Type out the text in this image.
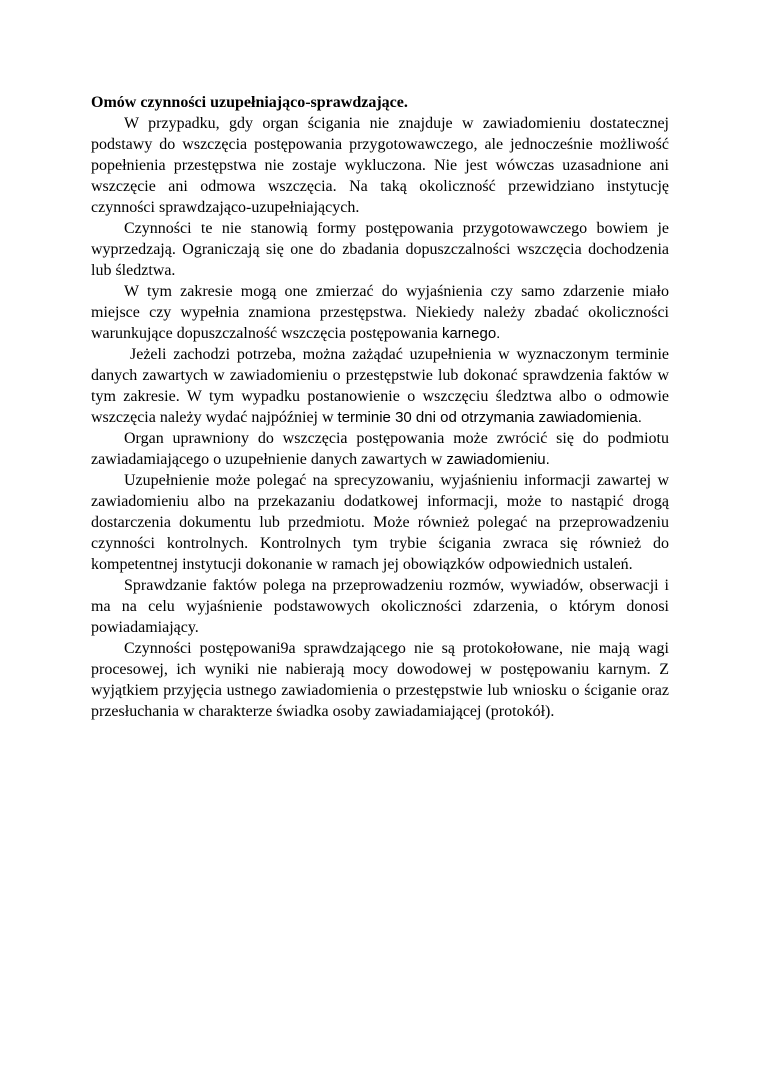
Omów czynności uzupełniająco-sprawdzające.

W przypadku, gdy organ ścigania nie znajduje w zawiadomieniu dostatecznej podstawy do wszczęcia postępowania przygotowawczego, ale jednocześnie możliwość popełnienia przestępstwa nie zostaje wykluczona. Nie jest wówczas uzasadnione ani wszczęcie ani odmowa wszczęcia. Na taką okoliczność przewidziano instytucję czynności sprawdzająco-uzupełniających.

Czynności te nie stanowią formy postępowania przygotowawczego bowiem je wyprzedzają. Ograniczają się one do zbadania dopuszczalności wszczęcia dochodzenia lub śledztwa.

W tym zakresie mogą one zmierzać do wyjaśnienia czy samo zdarzenie miało miejsce czy wypełnia znamiona przestępstwa. Niekiedy należy zbadać okoliczności warunkujące dopuszczalność wszczęcia postępowania karnego.

Jeżeli zachodzi potrzeba, można zażądać uzupełnienia w wyznaczonym terminie danych zawartych w zawiadomieniu o przestępstwie lub dokonać sprawdzenia faktów w tym zakresie. W tym wypadku postanowienie o wszczęciu śledztwa albo o odmowie wszczęcia należy wydać najpóźniej w terminie 30 dni od otrzymania zawiadomienia.

Organ uprawniony do wszczęcia postępowania może zwrócić się do podmiotu zawiadamiającego o uzupełnienie danych zawartych w zawiadomieniu.

Uzupełnienie może polegać na sprecyzowaniu, wyjaśnieniu informacji zawartej w zawiadomieniu albo na przekazaniu dodatkowej informacji, może to nastąpić drogą dostarczenia dokumentu lub przedmiotu. Może również polegać na przeprowadzeniu czynności kontrolnych. Kontrolnych tym trybie ścigania zwraca się również do kompetentnej instytucji dokonanie w ramach jej obowiązków odpowiednich ustaleń.

Sprawdzanie faktów polega na przeprowadzeniu rozmów, wywiadów, obserwacji i ma na celu wyjaśnienie podstawowych okoliczności zdarzenia, o którym donosi powiadamiający.

Czynności postępowani9a sprawdzającego nie są protokołowane, nie mają wagi procesowej, ich wyniki nie nabierają mocy dowodowej w postępowaniu karnym. Z wyjątkiem przyjęcia ustnego zawiadomienia o przestępstwie lub wniosku o ściganie oraz przesłuchania w charakterze świadka osoby zawiadamiającej (protokół).
